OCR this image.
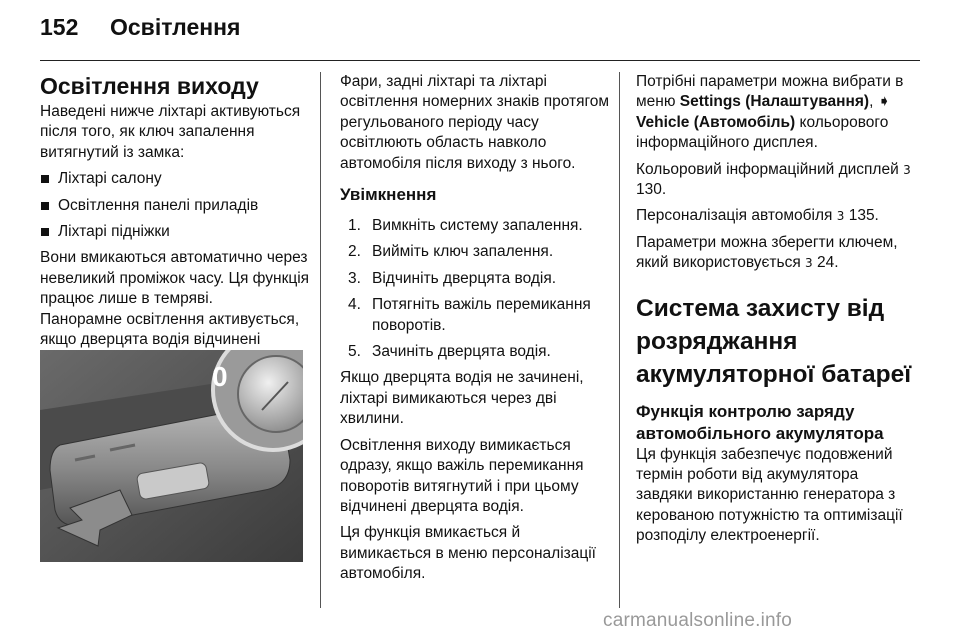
152 Освітлення
Освітлення виходу

Наведені нижче ліхтарі активуються після того, як ключ запалення витягнутий із замка:

Ліхтарі салону
Освітлення панелі приладів
Ліхтарі підніжки

Вони вмикаються автоматично через невеликий проміжок часу. Ця функція працює лише в темряві.

Панорамне освітлення активується, якщо дверцята водія відчинені

0

Фари, задні ліхтарі та ліхтарі освітлення номерних знаків протягом регульованого періоду часу освітлюють область навколо автомобіля після виходу з нього.

Увімкнення
1. Вимкніть систему запалення.
2. Вийміть ключ запалення.
3. Відчиніть дверцята водія.
4. Потягніть важіль перемикання поворотів.
5. Зачиніть дверцята водія.

Якщо дверцята водія не зачинені, ліхтарі вимикаються через дві хвилини.

Освітлення виходу вимикається одразу, якщо важіль перемикання поворотів витягнутий і при цьому відчинені дверцята водія.

Ця функція вмикається й вимикається в меню персоналізації автомобіля.

Потрібні параметри можна вибрати в меню Settings (Налаштування), ➧ Vehicle (Автомобіль) кольорового інформаційного дисплея.

Кольоровий інформаційний дисплей 3 130.

Персоналізація автомобіля 3 135.

Параметри можна зберегти ключем, який використовується 3 24.

Система захисту від розряджання акумуляторної батареї
Функція контролю заряду автомобільного акумулятора

Ця функція забезпечує подовжений термін роботи від акумулятора завдяки використанню генератора з керованою потужністю та оптимізації розподілу електроенергії.

carmanualsonline.info
